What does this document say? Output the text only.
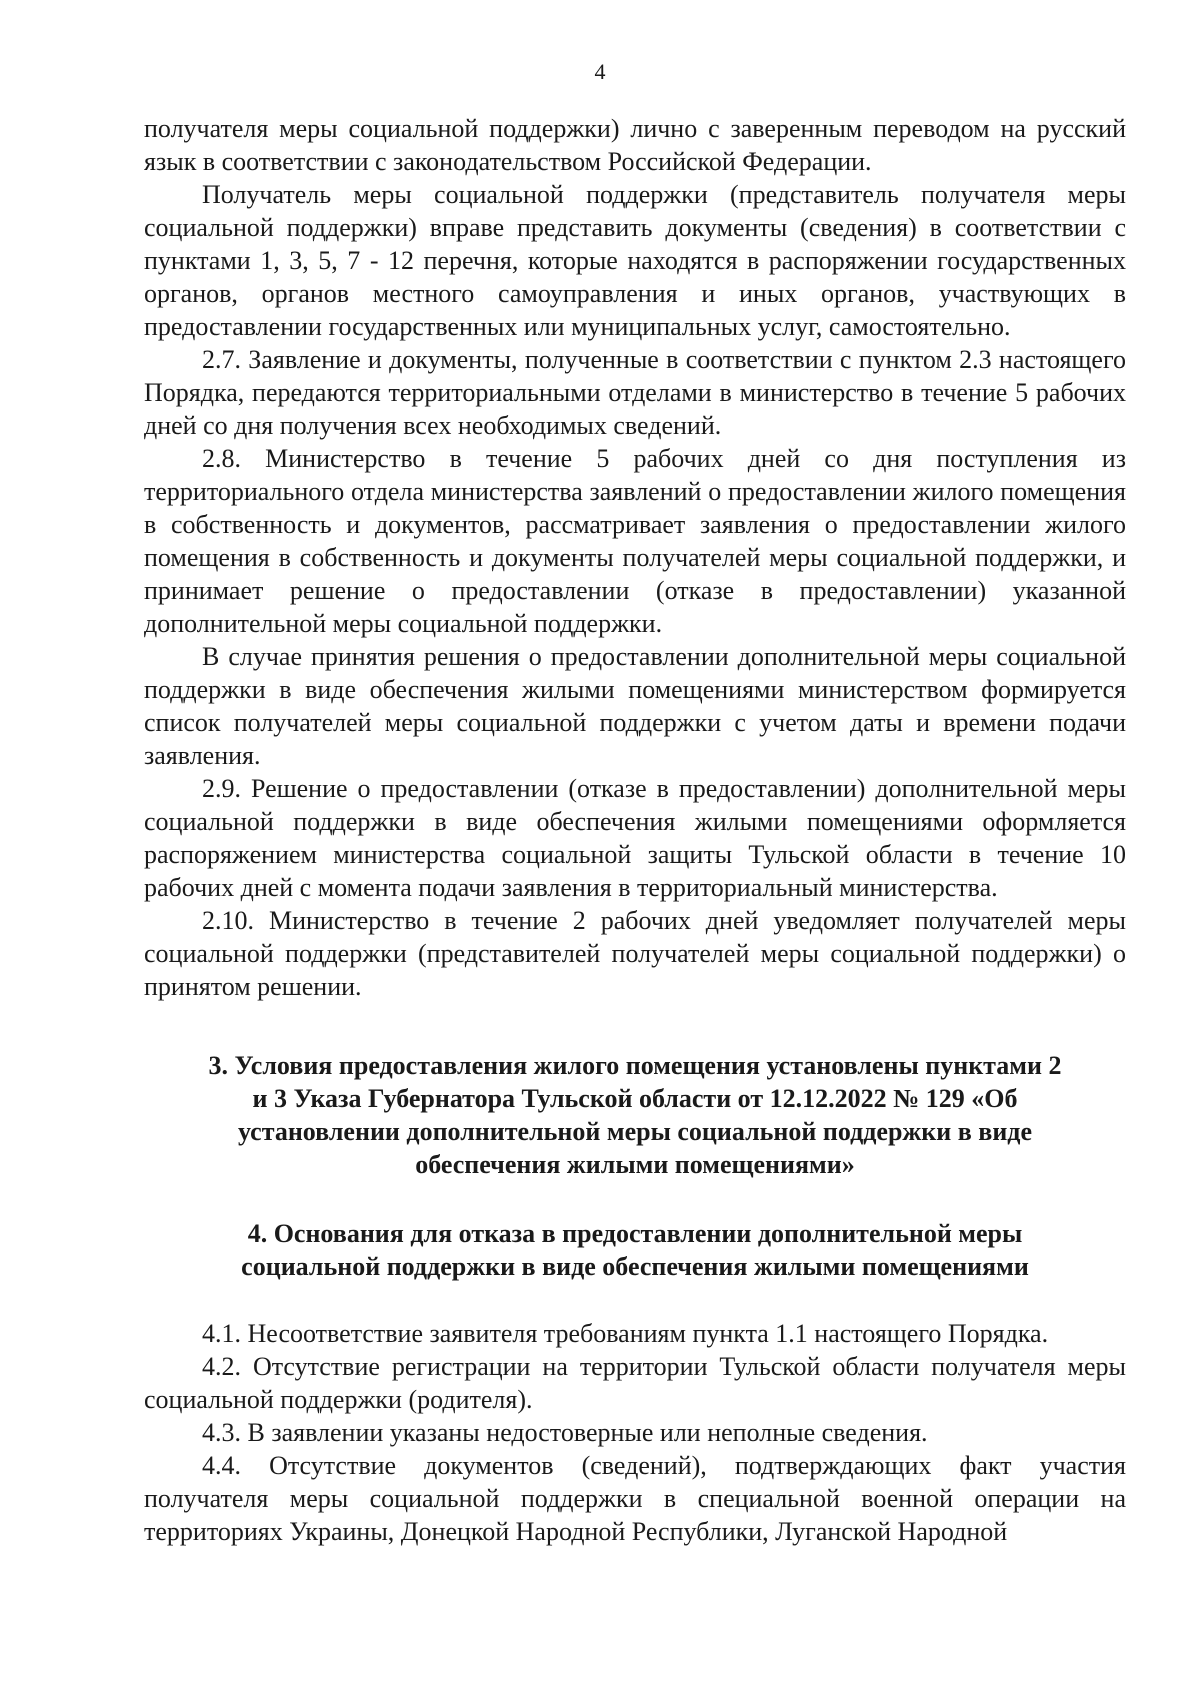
4

получателя меры социальной поддержки) лично с заверенным переводом на русский язык в соответствии с законодательством Российской Федерации.

Получатель меры социальной поддержки (представитель получателя меры социальной поддержки) вправе представить документы (сведения) в соответствии с пунктами 1, 3, 5, 7 - 12 перечня, которые находятся в распоряжении государственных органов, органов местного самоуправления и иных органов, участвующих в предоставлении государственных или муниципальных услуг, самостоятельно.

2.7. Заявление и документы, полученные в соответствии с пунктом 2.3 настоящего Порядка, передаются территориальными отделами в министерство в течение 5 рабочих дней со дня получения всех необходимых сведений.

2.8. Министерство в течение 5 рабочих дней со дня поступления из территориального отдела министерства заявлений о предоставлении жилого помещения в собственность и документов, рассматривает заявления о предоставлении жилого помещения в собственность и документы получателей меры социальной поддержки, и принимает решение о предоставлении (отказе в предоставлении) указанной дополнительной меры социальной поддержки.

В случае принятия решения о предоставлении дополнительной меры социальной поддержки в виде обеспечения жилыми помещениями министерством формируется список получателей меры социальной поддержки с учетом даты и времени подачи заявления.

2.9. Решение о предоставлении (отказе в предоставлении) дополнительной меры социальной поддержки в виде обеспечения жилыми помещениями оформляется распоряжением министерства социальной защиты Тульской области в течение 10 рабочих дней с момента подачи заявления в территориальный министерства.

2.10. Министерство в течение 2 рабочих дней уведомляет получателей меры социальной поддержки (представителей получателей меры социальной поддержки) о принятом решении.

3. Условия предоставления жилого помещения установлены пунктами 2 и 3 Указа Губернатора Тульской области от 12.12.2022 № 129 «Об установлении дополнительной меры социальной поддержки в виде обеспечения жилыми помещениями»

4. Основания для отказа в предоставлении дополнительной меры социальной поддержки в виде обеспечения жилыми помещениями

4.1. Несоответствие заявителя требованиям пункта 1.1 настоящего Порядка.

4.2. Отсутствие регистрации на территории Тульской области получателя меры социальной поддержки (родителя).

4.3. В заявлении указаны недостоверные или неполные сведения.

4.4. Отсутствие документов (сведений), подтверждающих факт участия получателя меры социальной поддержки в специальной военной операции на территориях Украины, Донецкой Народной Республики, Луганской Народной
